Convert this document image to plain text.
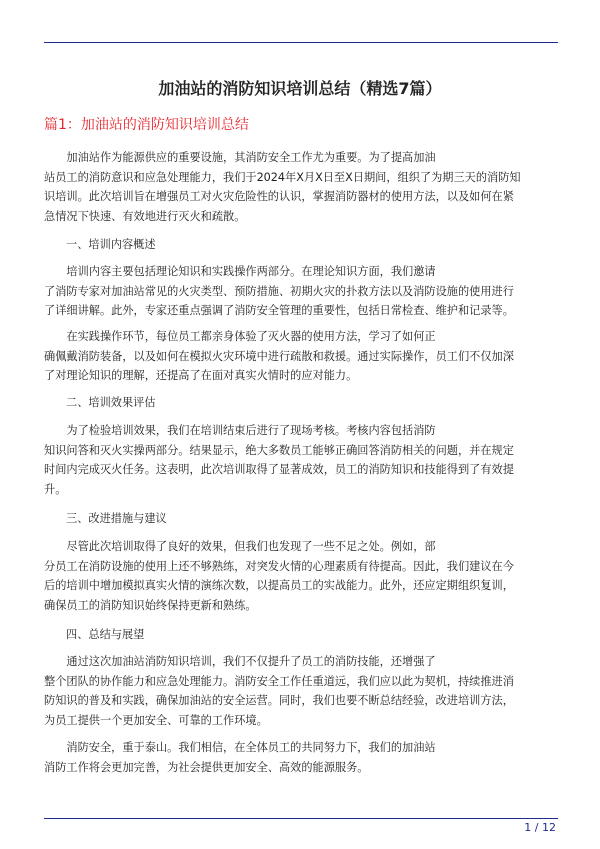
加油站的消防知识培训总结（精选7篇）
篇1：加油站的消防知识培训总结
　　加油站作为能源供应的重要设施，其消防安全工作尤为重要。为了提高加油
站员工的消防意识和应急处理能力，我们于2024年X月X日至X日期间，组织了为期三天的消防知
识培训。此次培训旨在增强员工对火灾危险性的认识，掌握消防器材的使用方法，以及如何在紧
急情况下快速、有效地进行灭火和疏散。
一、培训内容概述
　　培训内容主要包括理论知识和实践操作两部分。在理论知识方面，我们邀请
了消防专家对加油站常见的火灾类型、预防措施、初期火灾的扑救方法以及消防设施的使用进行
了详细讲解。此外，专家还重点强调了消防安全管理的重要性，包括日常检查、维护和记录等。
　　在实践操作环节，每位员工都亲身体验了灭火器的使用方法，学习了如何正
确佩戴消防装备，以及如何在模拟火灾环境中进行疏散和救援。通过实际操作，员工们不仅加深
了对理论知识的理解，还提高了在面对真实火情时的应对能力。
二、培训效果评估
　　为了检验培训效果，我们在培训结束后进行了现场考核。考核内容包括消防
知识问答和灭火实操两部分。结果显示，绝大多数员工能够正确回答消防相关的问题，并在规定
时间内完成灭火任务。这表明，此次培训取得了显著成效，员工的消防知识和技能得到了有效提
升。
三、改进措施与建议
　　尽管此次培训取得了良好的效果，但我们也发现了一些不足之处。例如，部
分员工在消防设施的使用上还不够熟练，对突发火情的心理素质有待提高。因此，我们建议在今
后的培训中增加模拟真实火情的演练次数，以提高员工的实战能力。此外，还应定期组织复训，
确保员工的消防知识始终保持更新和熟练。
四、总结与展望
　　通过这次加油站消防知识培训，我们不仅提升了员工的消防技能，还增强了
整个团队的协作能力和应急处理能力。消防安全工作任重道远，我们应以此为契机，持续推进消
防知识的普及和实践，确保加油站的安全运营。同时，我们也要不断总结经验，改进培训方法，
为员工提供一个更加安全、可靠的工作环境。
　　消防安全，重于泰山。我们相信，在全体员工的共同努力下，我们的加油站
消防工作将会更加完善，为社会提供更加安全、高效的能源服务。
1 / 12
